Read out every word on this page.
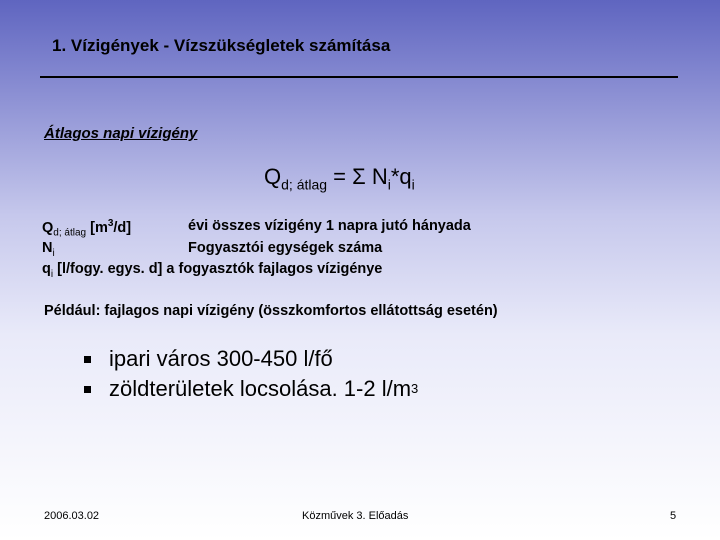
1. Vízigények - Vízszükségletek számítása

Átlagos napi vízigény

$Q_{d; átlag} = \Sigma$ $N_i*q_i$

$Q_{d; átlag}$ $[m^3/d]$	évi összes vízigény 1 napra jutó hányada
$N_i$	Fogyasztói egységek száma
$q_i$ [l/fogy. egys. d] a fogyasztók fajlagos vízigénye

Például: fajlagos napi vízigény (összkomfortos ellátottság esetén)

ipari város 300-450 l/fő
zöldterületek locsolása. 1-2 l/m 3

2006.03.02	Közművek 3. Előadás	5
